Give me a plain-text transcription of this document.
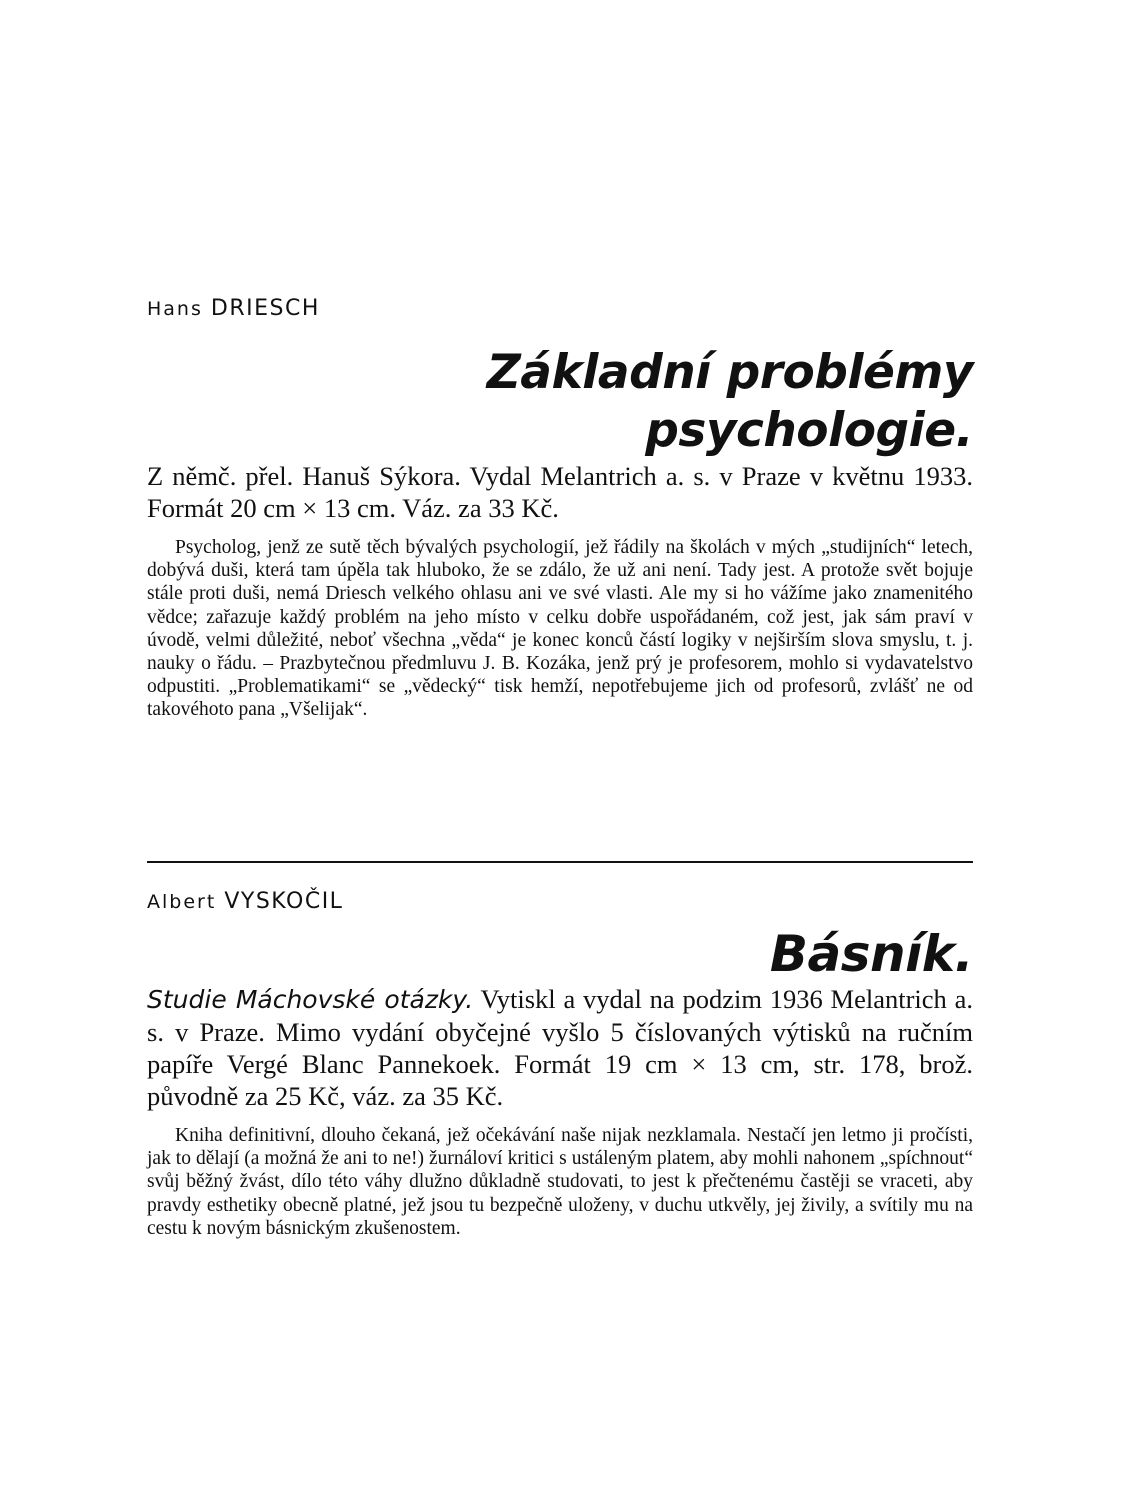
Hans DRIESCH

Základní problémy psychologie.

Z němč. přel. Hanuš Sýkora. Vydal Melantrich a. s. v Praze v květnu 1933. Formát 20 cm × 13 cm. Váz. za 33 Kč.

Psycholog, jenž ze sutě těch bývalých psychologií, jež řádily na školách v mých „studijních“ letech, dobývá duši, která tam úpěla tak hluboko, že se zdálo, že už ani není. Tady jest. A protože svět bojuje stále proti duši, nemá Driesch velkého ohlasu ani ve své vlasti. Ale my si ho vážíme jako znamenitého vědce; zařazuje každý problém na jeho místo v celku dobře uspořádaném, což jest, jak sám praví v úvodě, velmi důležité, neboť všechna „věda“ je konec konců částí logiky v nejširším slova smyslu, t. j. nauky o řádu. – Prazbytečnou předmluvu J. B. Kozáka, jenž prý je profesorem, mohlo si vydavatelstvo odpustiti. „Problematikami“ se „vědecký“ tisk hemží, nepotřebujeme jich od profesorů, zvlášť ne od takovéhoto pana „Všelijak“.

Albert VYSKOČIL

Básník.

Studie Máchovské otázky. Vytiskl a vydal na podzim 1936 Melantrich a. s. v Praze. Mimo vydání obyčejné vyšlo 5 číslovaných výtisků na ručním papíře Vergé Blanc Pannekoek. Formát 19 cm × 13 cm, str. 178, brož. původně za 25 Kč, váz. za 35 Kč.

Kniha definitivní, dlouho čekaná, jež očekávání naše nijak nezklamala. Nestačí jen letmo ji pročísti, jak to dělají (a možná že ani to ne!) žurnáloví kritici s ustáleným platem, aby mohli nahonem „spíchnout“ svůj běžný žvást, dílo této váhy dlužno důkladně studovati, to jest k přečtenému častěji se vraceti, aby pravdy esthetiky obecně platné, jež jsou tu bezpečně uloženy, v duchu utkvěly, jej živily, a svítily mu na cestu k novým básnickým zkušenostem.
